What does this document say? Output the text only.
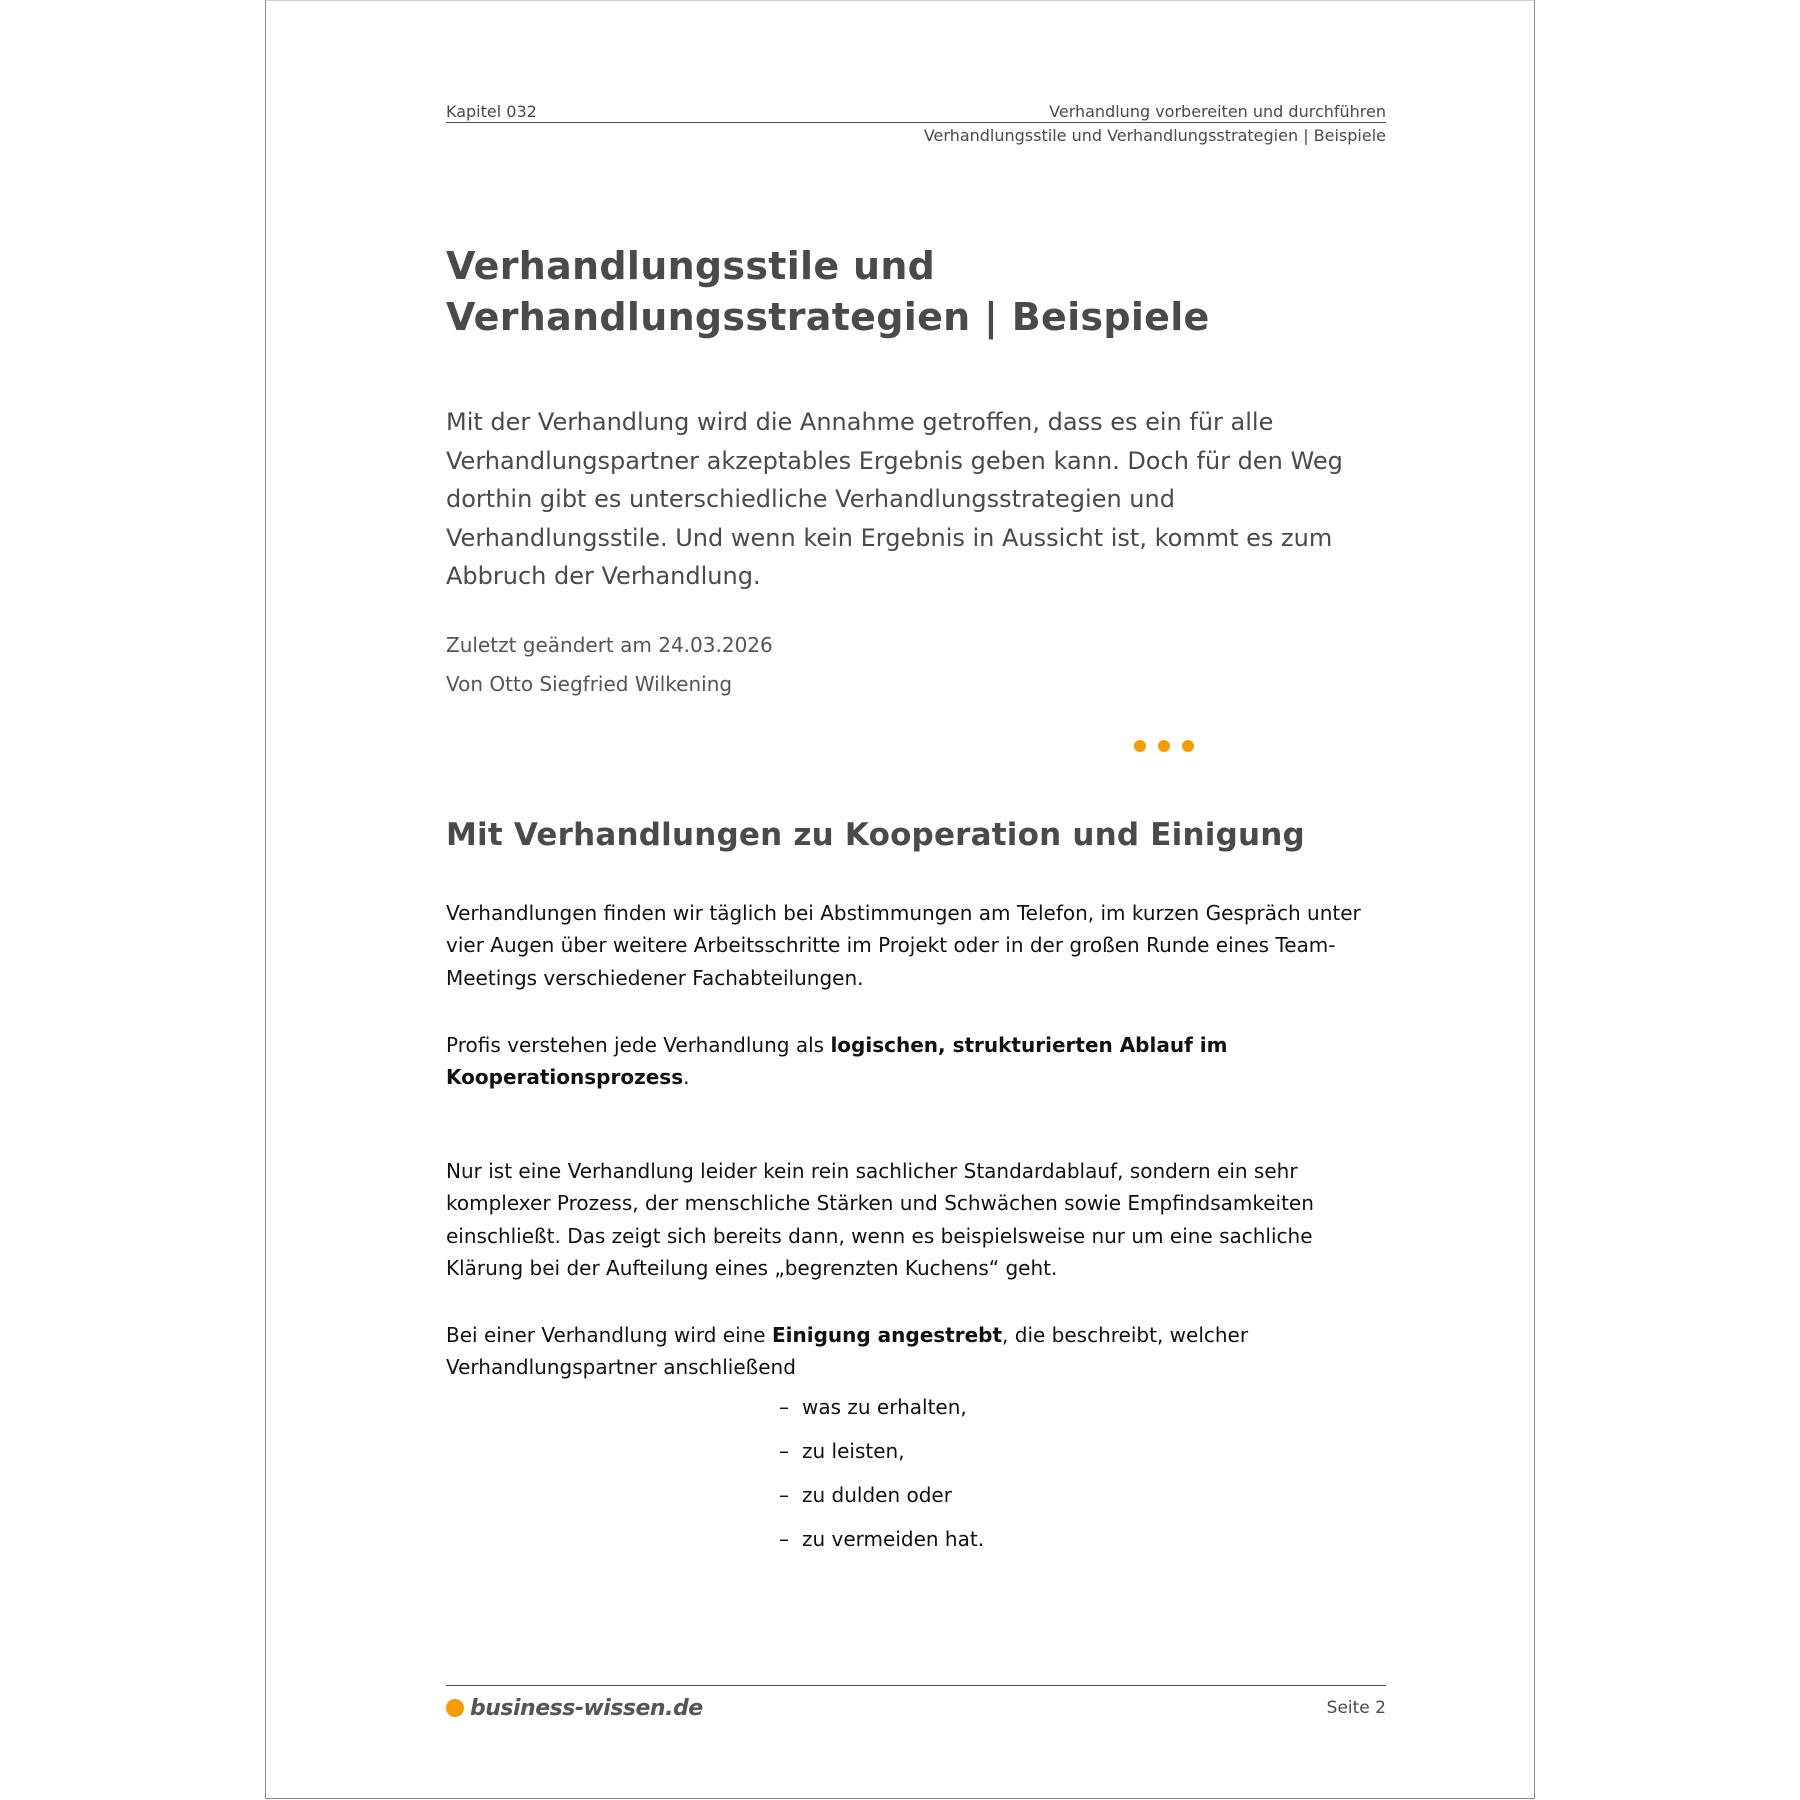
Kapitel 032	Verhandlung vorbereiten und durchführen
Verhandlungsstile und Verhandlungsstrategien | Beispiele
Verhandlungsstile und
Verhandlungsstrategien | Beispiele

Mit der Verhandlung wird die Annahme getroffen, dass es ein für alle Verhandlungspartner akzeptables Ergebnis geben kann. Doch für den Weg dorthin gibt es unterschiedliche Verhandlungsstrategien und Verhandlungsstile. Und wenn kein Ergebnis in Aussicht ist, kommt es zum Abbruch der Verhandlung.

Zuletzt geändert am 24.03.2026

Von Otto Siegfried Wilkening

Mit Verhandlungen zu Kooperation und Einigung

Verhandlungen finden wir täglich bei Abstimmungen am Telefon, im kurzen Gespräch unter vier Augen über weitere Arbeitsschritte im Projekt oder in der großen Runde eines Team-Meetings verschiedener Fachabteilungen.

Profis verstehen jede Verhandlung als logischen, strukturierten Ablauf im Kooperationsprozess.

Nur ist eine Verhandlung leider kein rein sachlicher Standardablauf, sondern ein sehr komplexer Prozess, der menschliche Stärken und Schwächen sowie Empfindsamkeiten einschließt. Das zeigt sich bereits dann, wenn es beispielsweise nur um eine sachliche Klärung bei der Aufteilung eines „begrenzten Kuchens“ geht.

Bei einer Verhandlung wird eine Einigung angestrebt, die beschreibt, welcher Verhandlungspartner anschließend

– was zu erhalten,
– zu leisten,
– zu dulden oder
– zu vermeiden hat.
business-wissen.de	Seite 2
